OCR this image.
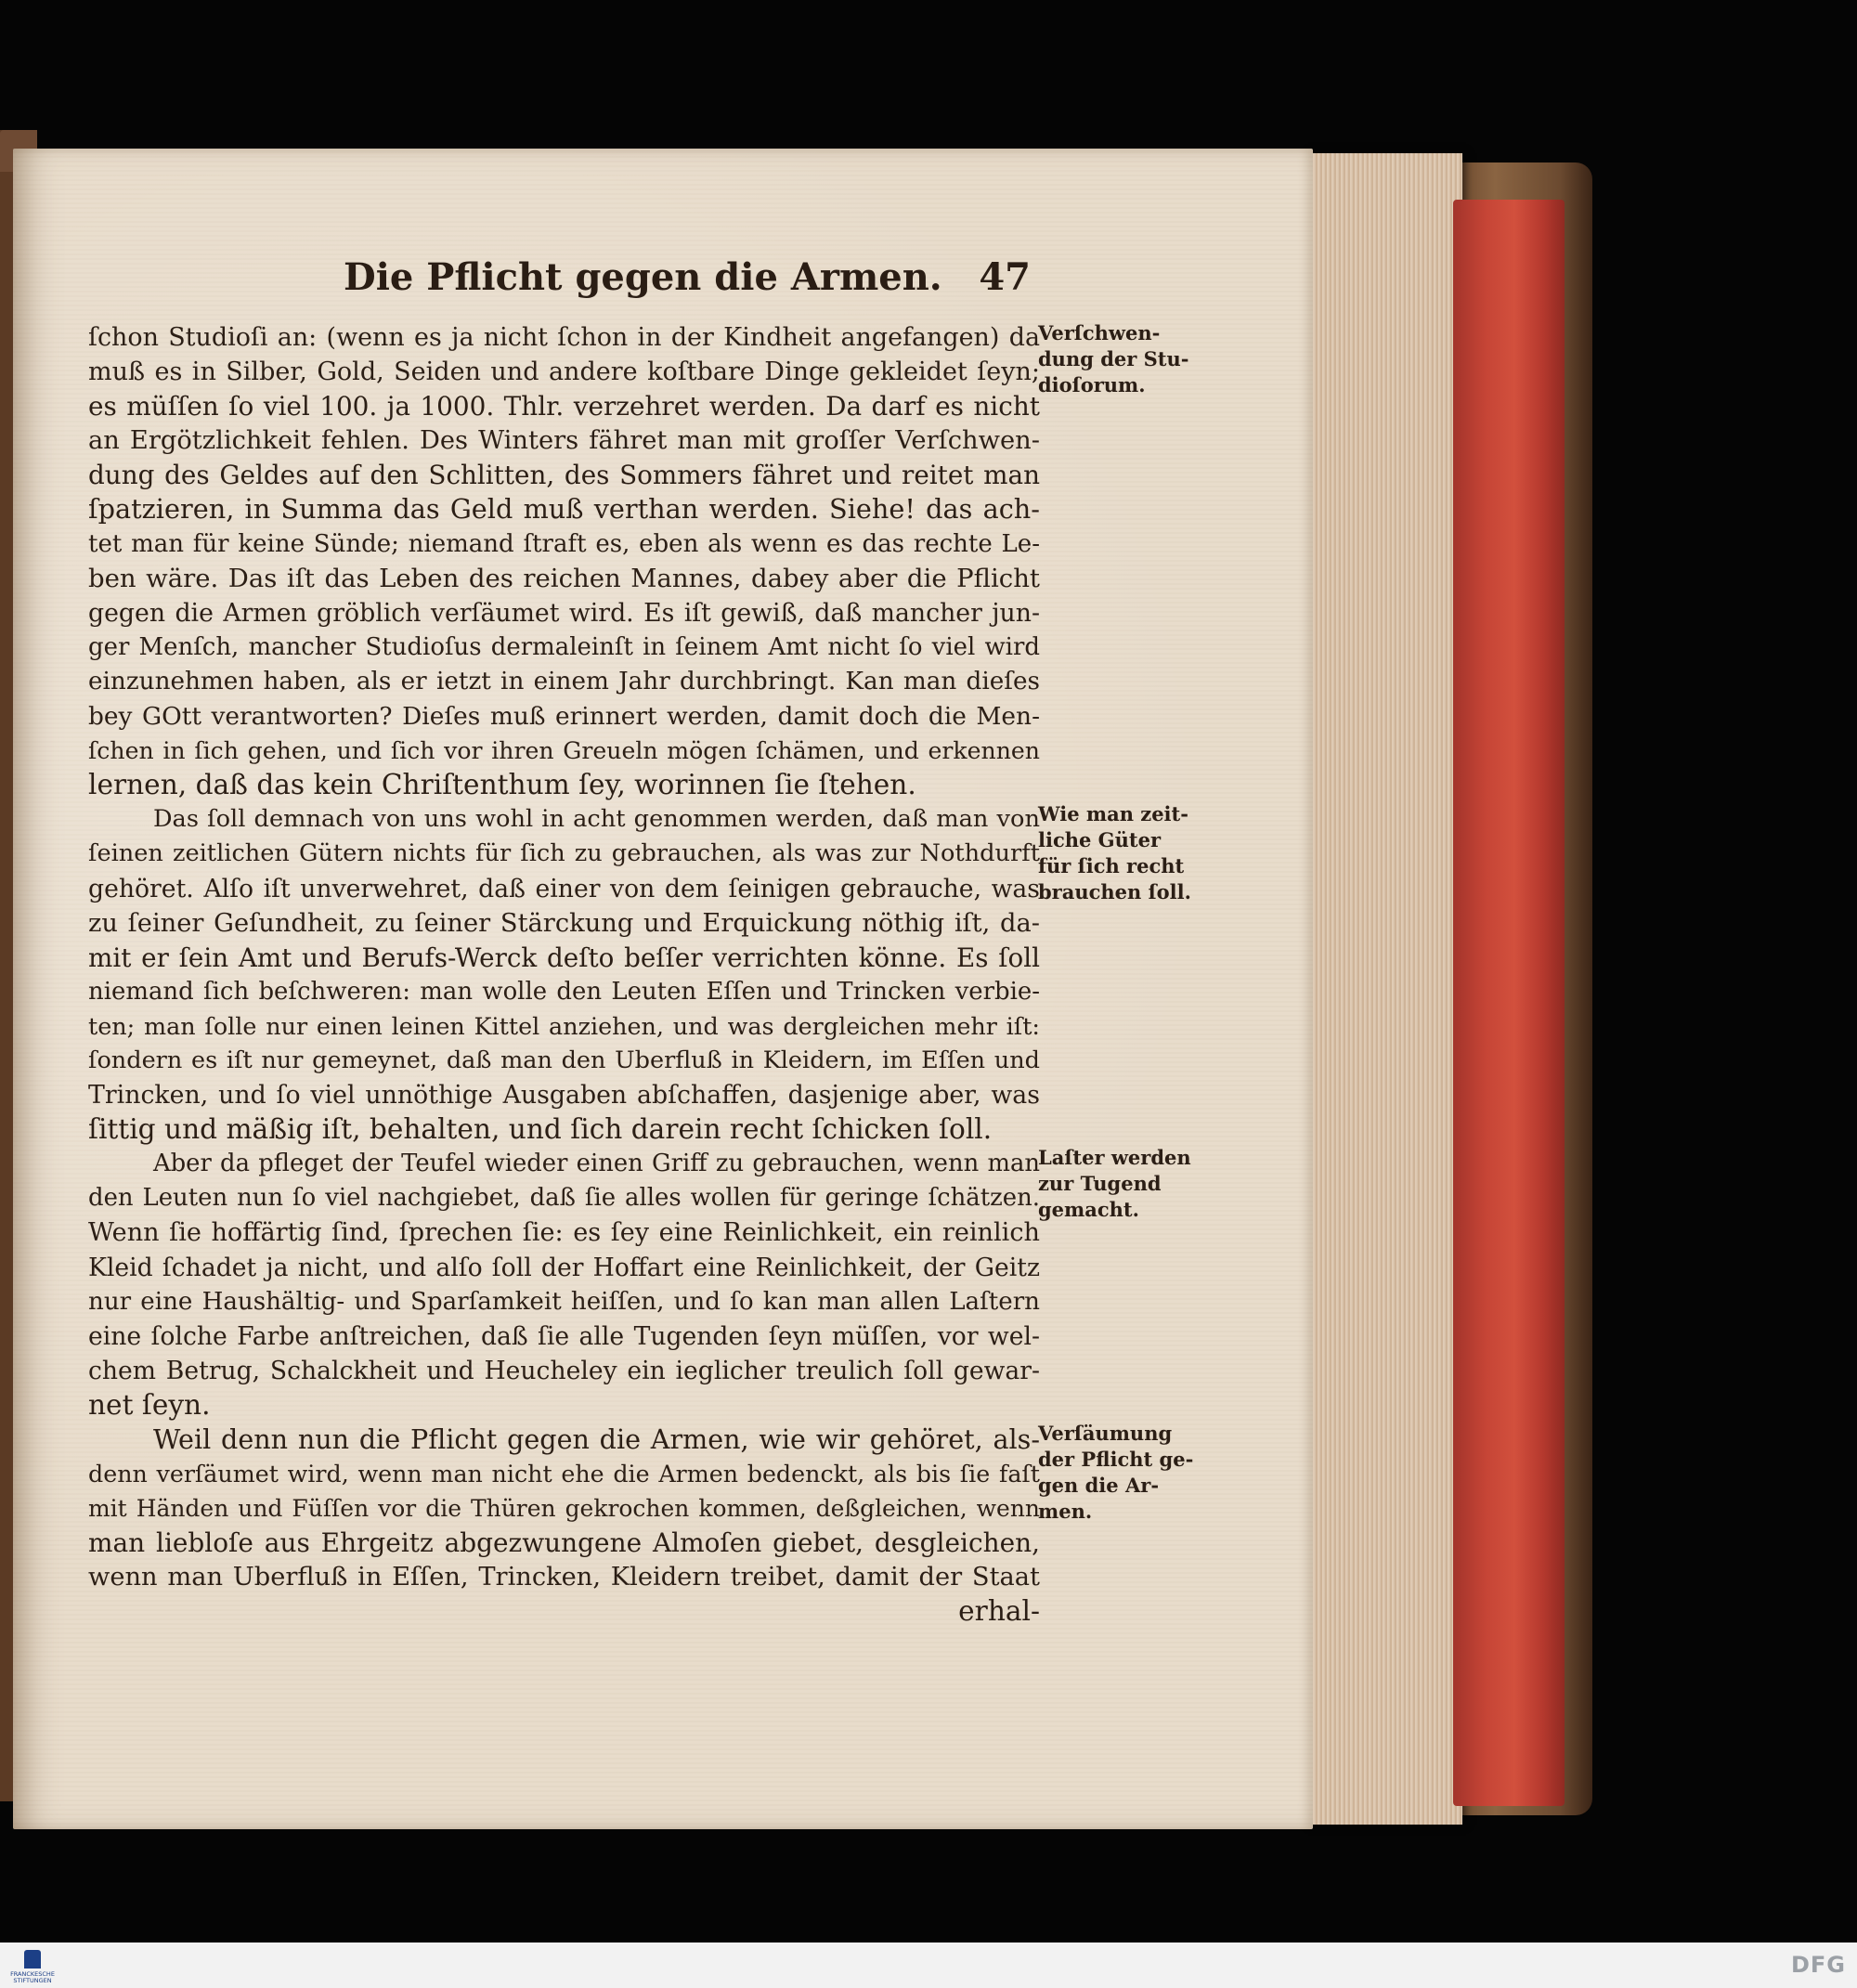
Die Pflicht gegen die Armen. 47
ſchon Studioſi an: (wenn es ja nicht ſchon in der Kindheit angefangen) da
muß es in Silber, Gold, Seiden und andere koſtbare Dinge gekleidet ſeyn;
es müſſen ſo viel 100. ja 1000. Thlr. verzehret werden. Da darf es nicht
an Ergötzlichkeit fehlen. Des Winters fähret man mit groſſer Verſchwen-
dung des Geldes auf den Schlitten, des Sommers fähret und reitet man
ſpatzieren, in Summa das Geld muß verthan werden. Siehe! das ach-
tet man für keine Sünde; niemand ſtraft es, eben als wenn es das rechte Le-
ben wäre. Das iſt das Leben des reichen Mannes, dabey aber die Pflicht
gegen die Armen gröblich verſäumet wird. Es iſt gewiß, daß mancher jun-
ger Menſch, mancher Studioſus dermaleinſt in ſeinem Amt nicht ſo viel wird
einzunehmen haben, als er ietzt in einem Jahr durchbringt. Kan man dieſes
bey GOtt verantworten? Dieſes muß erinnert werden, damit doch die Men-
ſchen in ſich gehen, und ſich vor ihren Greueln mögen ſchämen, und erkennen
lernen, daß das kein Chriſtenthum ſey, worinnen ſie ſtehen.
Das ſoll demnach von uns wohl in acht genommen werden, daß man von
ſeinen zeitlichen Gütern nichts für ſich zu gebrauchen, als was zur Nothdurft
gehöret. Alſo iſt unverwehret, daß einer von dem ſeinigen gebrauche, was
zu ſeiner Geſundheit, zu ſeiner Stärckung und Erquickung nöthig iſt, da-
mit er ſein Amt und Berufs-Werck deſto beſſer verrichten könne. Es ſoll
niemand ſich beſchweren: man wolle den Leuten Eſſen und Trincken verbie-
ten; man ſolle nur einen leinen Kittel anziehen, und was dergleichen mehr iſt:
ſondern es iſt nur gemeynet, daß man den Uberfluß in Kleidern, im Eſſen und
Trincken, und ſo viel unnöthige Ausgaben abſchaffen, dasjenige aber, was
ſittig und mäßig iſt, behalten, und ſich darein recht ſchicken ſoll.
Aber da pfleget der Teufel wieder einen Griff zu gebrauchen, wenn man
den Leuten nun ſo viel nachgiebet, daß ſie alles wollen für geringe ſchätzen.
Wenn ſie hoffärtig ſind, ſprechen ſie: es ſey eine Reinlichkeit, ein reinlich
Kleid ſchadet ja nicht, und alſo ſoll der Hoffart eine Reinlichkeit, der Geitz
nur eine Haushältig- und Sparſamkeit heiſſen, und ſo kan man allen Laſtern
eine ſolche Farbe anſtreichen, daß ſie alle Tugenden ſeyn müſſen, vor wel-
chem Betrug, Schalckheit und Heucheley ein ieglicher treulich ſoll gewar-
net ſeyn.
Weil denn nun die Pflicht gegen die Armen, wie wir gehöret, als-
denn verſäumet wird, wenn man nicht ehe die Armen bedenckt, als bis ſie faſt
mit Händen und Füſſen vor die Thüren gekrochen kommen, deßgleichen, wenn
man liebloſe aus Ehrgeitz abgezwungene Almoſen giebet, desgleichen,
wenn man Uberfluß in Eſſen, Trincken, Kleidern treibet, damit der Staat
erhal-
Verſchwen-
dung der Stu-
dioſorum.
Wie man zeit-
liche Güter
für ſich recht
brauchen ſoll.
Laſter werden
zur Tugend
gemacht.
Verſäumung
der Pflicht ge-
gen die Ar-
men.
FRANCKESCHE STIFTUNGEN
DFG
